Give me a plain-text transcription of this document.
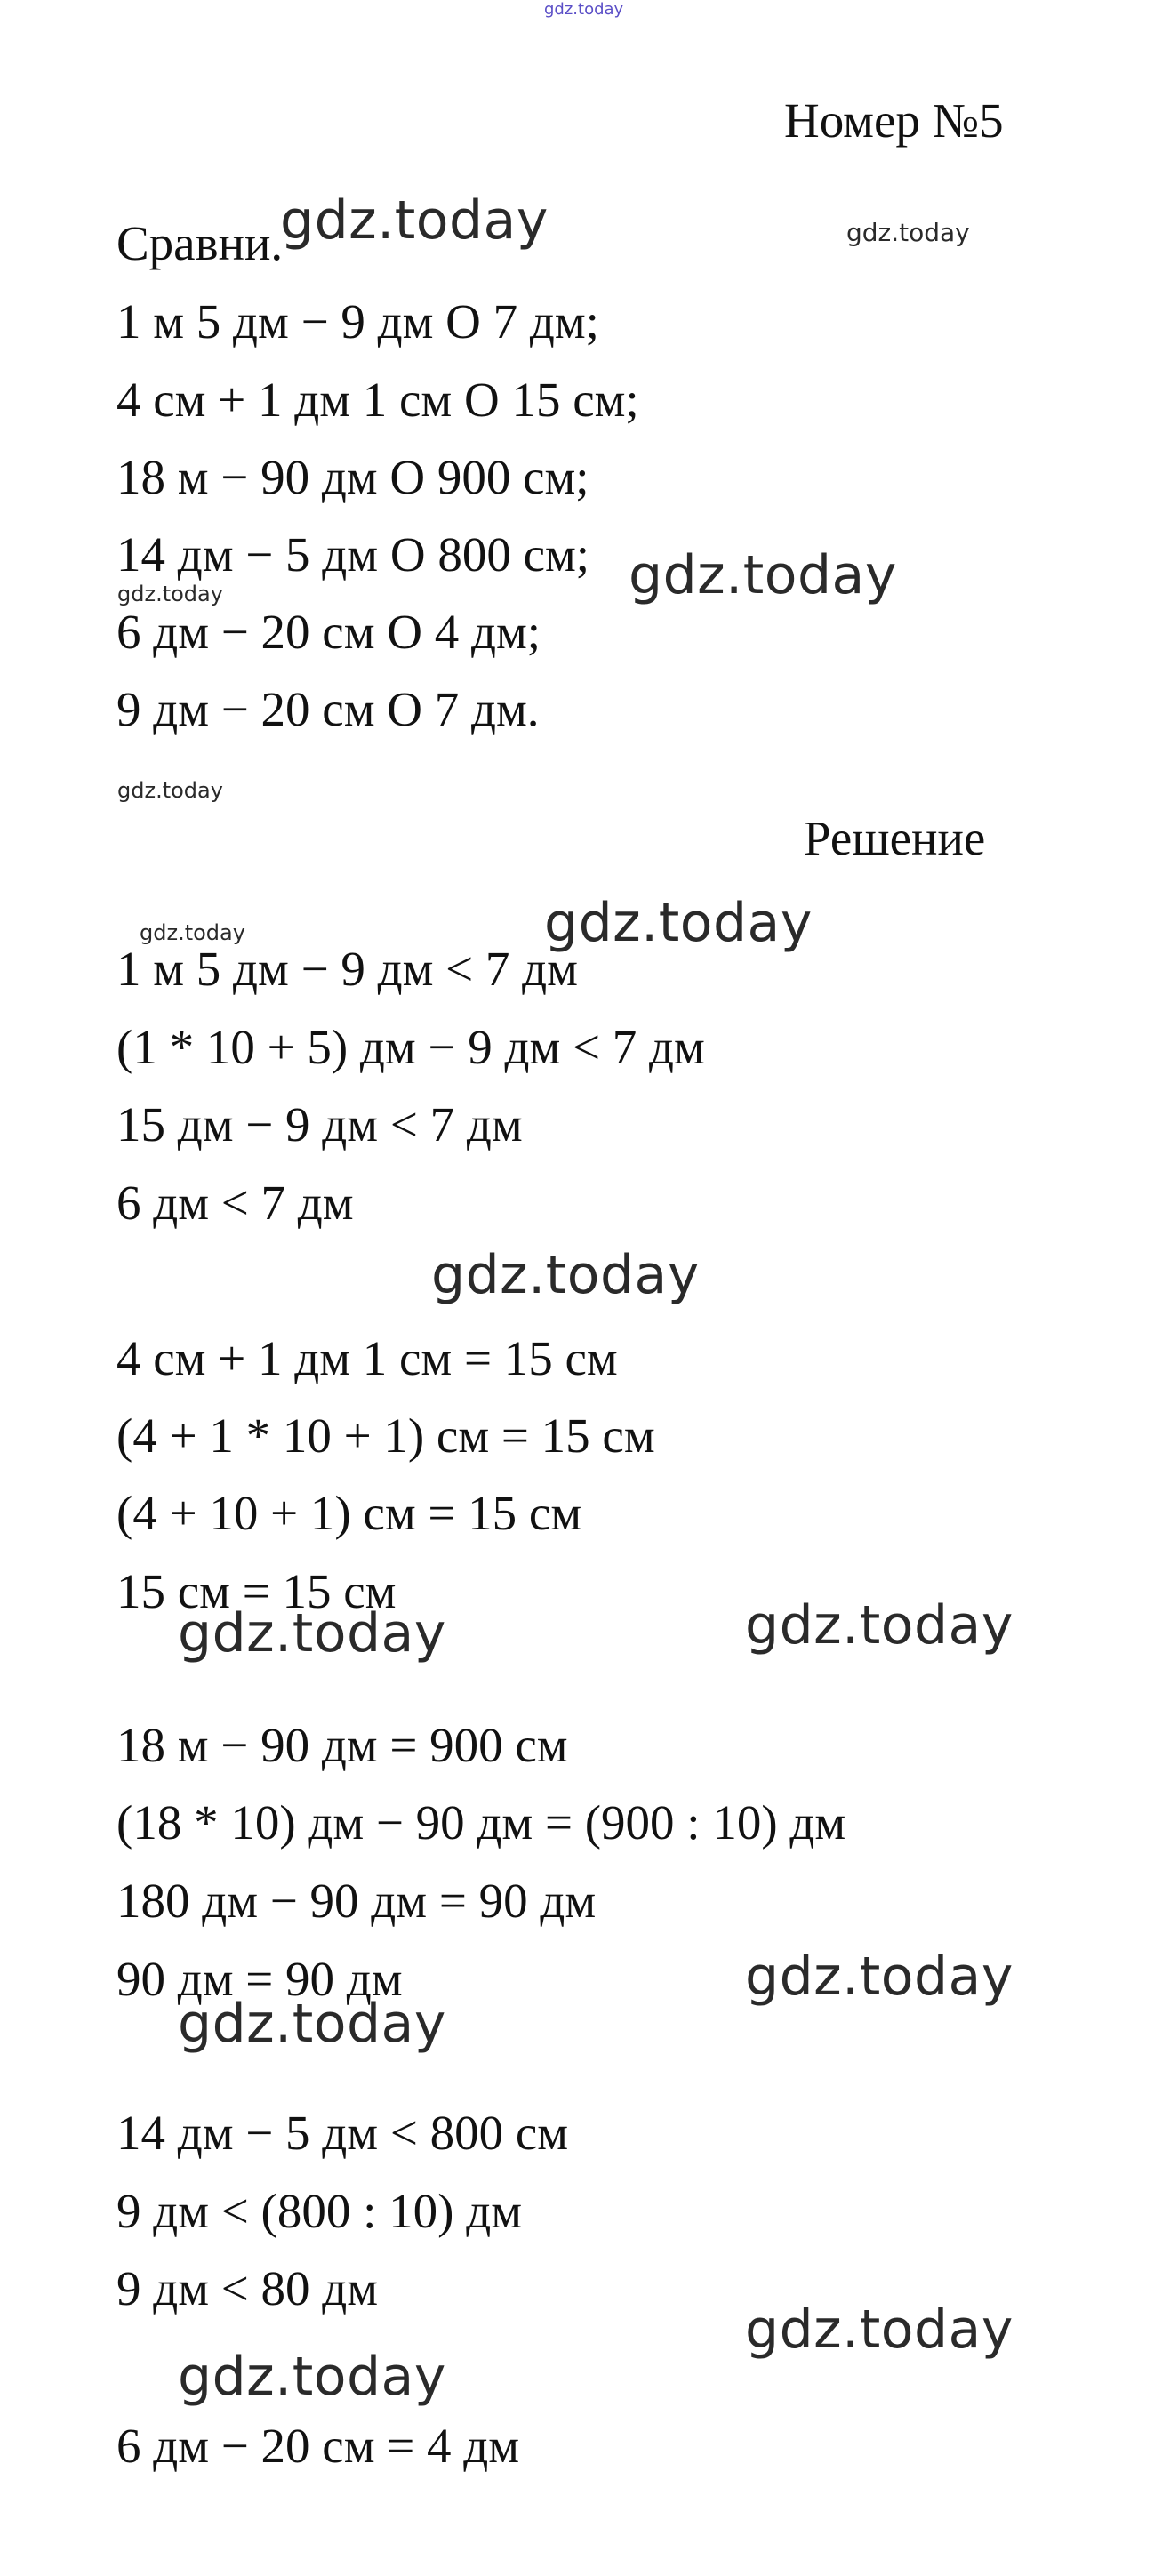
gdz.today
Номер №5
Сравни.
1 м 5 дм − 9 дм O 7 дм;
4 см + 1 дм 1 см O 15 см;
18 м − 90 дм O 900 см;
14 дм − 5 дм O 800 см;
6 дм − 20 см O 4 дм;
9 дм − 20 см O 7 дм.
Решение
1 м 5 дм − 9 дм < 7 дм
(1 * 10 + 5) дм − 9 дм < 7 дм
15 дм − 9 дм < 7 дм
6 дм < 7 дм
4 см + 1 дм 1 см = 15 см
(4 + 1 * 10 + 1) см = 15 см
(4 + 10 + 1) см = 15 см
15 см = 15 см
18 м − 90 дм = 900 см
(18 * 10) дм − 90 дм = (900 : 10) дм
180 дм − 90 дм = 90 дм
90 дм = 90 дм
14 дм − 5 дм < 800 см
9 дм < (800 : 10) дм
9 дм < 80 дм
6 дм − 20 см = 4 дм
gdz.today	gdz.today
gdz.today
gdz.today
gdz.today
gdz.today	gdz.today
gdz.today
gdz.today	gdz.today
gdz.today
gdz.today
gdz.today
gdz.today
